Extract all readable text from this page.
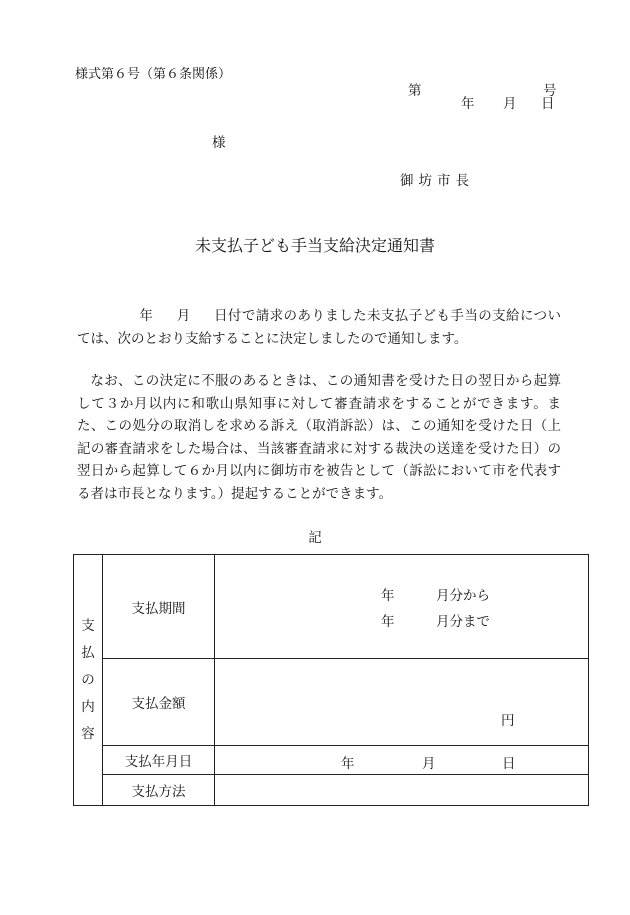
様式第６号（第６条関係）
第	号
年 月 日
様
御坊市長
未支払子ども手当支給決定通知書
年 月 日付で請求のありました未支払子ども手当の支給については、次のとおり支給することに決定しましたので通知します。
なお、この決定に不服のあるときは、この通知書を受けた日の翌日から起算して３か月以内に和歌山県知事に対して審査請求をすることができます。また、この処分の取消しを求める訴え（取消訴訟）は、この通知を受けた日（上記の審査請求をした場合は、当該審査請求に対する裁決の送達を受けた日）の翌日から起算して６か月以内に御坊市を被告として（訴訟において市を代表する者は市長となります。）提起することができます。
記
支
払
の
内
容	支払期間	年 月分から
年 月分まで

	支払金額	円

	支払年月日	年 月 日

	支払方法	
